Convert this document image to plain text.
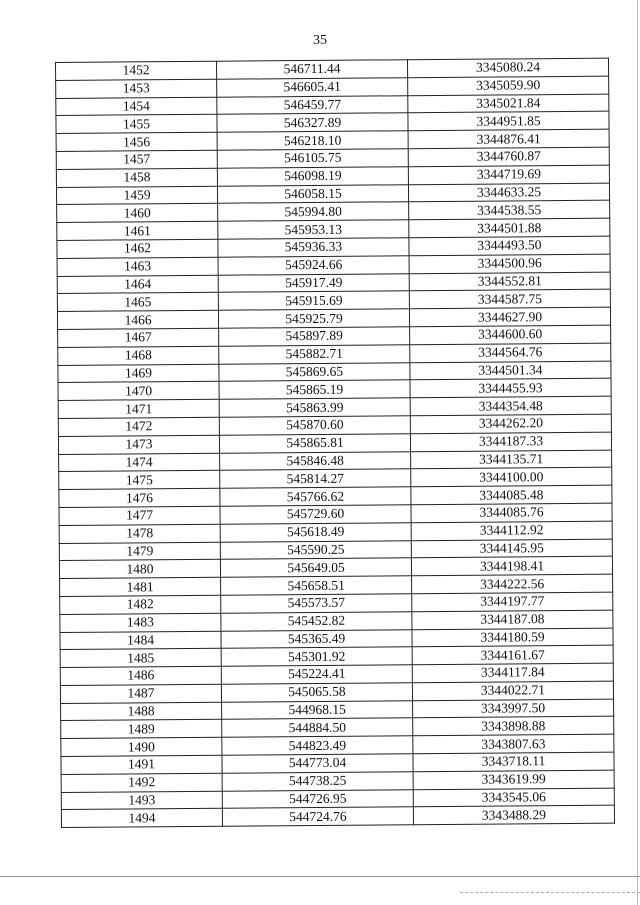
35
1452	546711.44	3345080.24
1453	546605.41	3345059.90
1454	546459.77	3345021.84
1455	546327.89	3344951.85
1456	546218.10	3344876.41
1457	546105.75	3344760.87
1458	546098.19	3344719.69
1459	546058.15	3344633.25
1460	545994.80	3344538.55
1461	545953.13	3344501.88
1462	545936.33	3344493.50
1463	545924.66	3344500.96
1464	545917.49	3344552.81
1465	545915.69	3344587.75
1466	545925.79	3344627.90
1467	545897.89	3344600.60
1468	545882.71	3344564.76
1469	545869.65	3344501.34
1470	545865.19	3344455.93
1471	545863.99	3344354.48
1472	545870.60	3344262.20
1473	545865.81	3344187.33
1474	545846.48	3344135.71
1475	545814.27	3344100.00
1476	545766.62	3344085.48
1477	545729.60	3344085.76
1478	545618.49	3344112.92
1479	545590.25	3344145.95
1480	545649.05	3344198.41
1481	545658.51	3344222.56
1482	545573.57	3344197.77
1483	545452.82	3344187.08
1484	545365.49	3344180.59
1485	545301.92	3344161.67
1486	545224.41	3344117.84
1487	545065.58	3344022.71
1488	544968.15	3343997.50
1489	544884.50	3343898.88
1490	544823.49	3343807.63
1491	544773.04	3343718.11
1492	544738.25	3343619.99
1493	544726.95	3343545.06
1494	544724.76	3343488.29
